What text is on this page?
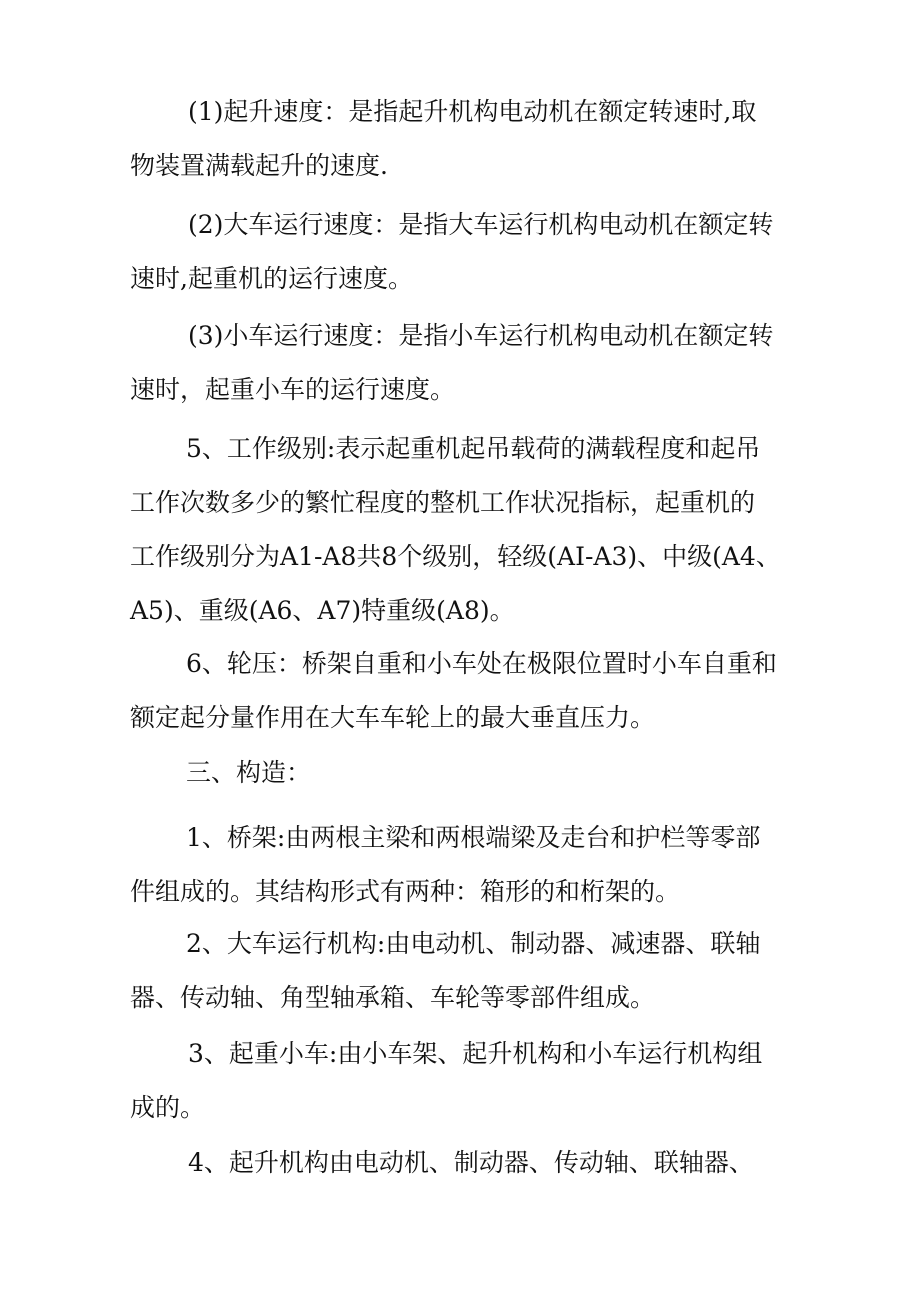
(1)起升速度：是指起升机构电动机在额定转速时,取
物装置满载起升的速度.

(2)大车运行速度：是指大车运行机构电动机在额定转
速时,起重机的运行速度。

(3)小车运行速度：是指小车运行机构电动机在额定转
速时，起重小车的运行速度。

5、工作级别:表示起重机起吊载荷的满载程度和起吊
工作次数多少的繁忙程度的整机工作状况指标，起重机的
工作级别分为A1-A8共8个级别，轻级(AI-A3)、中级(A4、
A5)、重级(A6、A7)特重级(A8)。

6、轮压：桥架自重和小车处在极限位置时小车自重和
额定起分量作用在大车车轮上的最大垂直压力。

三、构造：

1、桥架:由两根主梁和两根端梁及走台和护栏等零部
件组成的。其结构形式有两种：箱形的和桁架的。

2、大车运行机构:由电动机、制动器、减速器、联轴
器、传动轴、角型轴承箱、车轮等零部件组成。

3、起重小车:由小车架、起升机构和小车运行机构组
成的。

4、起升机构由电动机、制动器、传动轴、联轴器、
